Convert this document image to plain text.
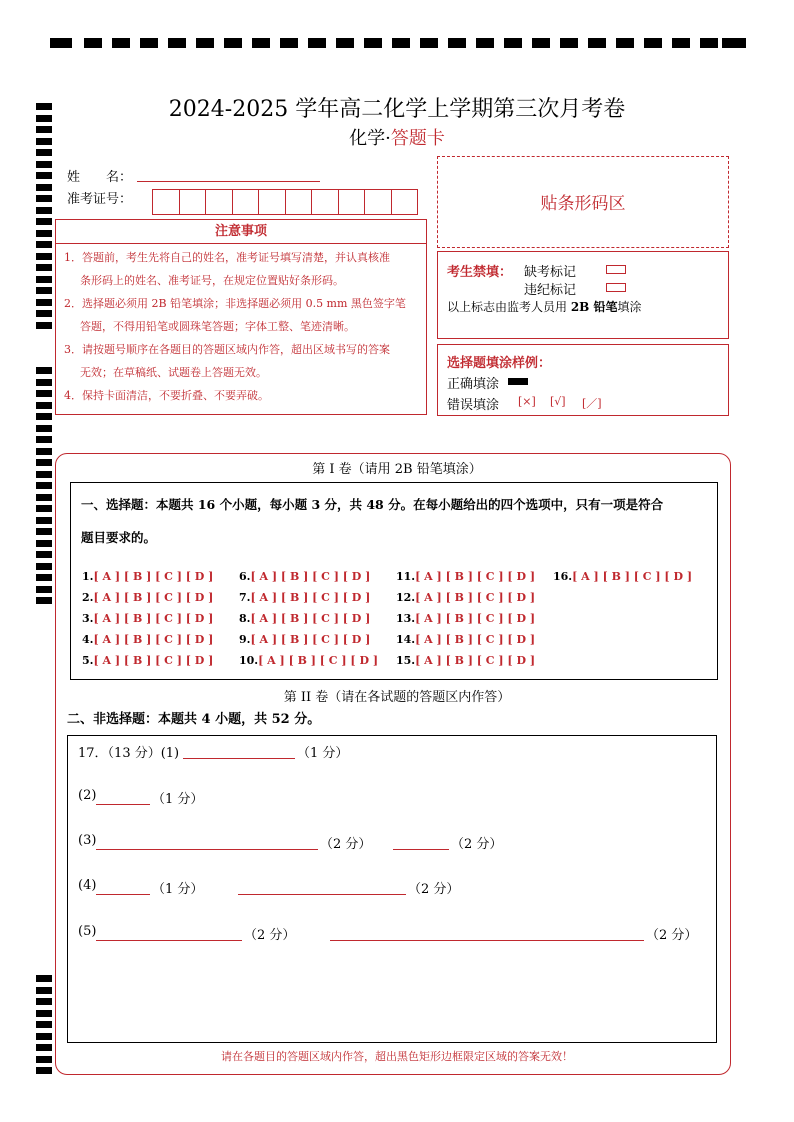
2024-2025 学年高二化学上学期第三次月考卷
化学·答题卡
姓　　名：
准考证号：	贴条形码区
注意事项

1．答题前，考生先将自己的姓名，准考证号填写清楚，并认真核准

条形码上的姓名、准考证号，在规定位置贴好条形码。

2．选择题必须用 2B 铅笔填涂；非选择题必须用 0.5 mm 黑色签字笔

答题，不得用铅笔或圆珠笔答题；字体工整、笔迹清晰。

3．请按题号顺序在各题目的答题区域内作答，超出区域书写的答案

无效；在草稿纸、试题卷上答题无效。

4．保持卡面清洁，不要折叠、不要弄破。

考生禁填： 缺考标记
违纪标记
以上标志由监考人员用 2B 铅笔填涂
选择题填涂样例：
正确填涂
错误填涂 [×] [√] [／]
第 I 卷（请用 2B 铅笔填涂）
一、选择题：本题共 16 个小题，每小题 3 分，共 48 分。在每小题给出的四个选项中，只有一项是符合
题目要求的。
1.[ A ] [ B ] [ C ] [ D ]
2.[ A ] [ B ] [ C ] [ D ]
3.[ A ] [ B ] [ C ] [ D ]
4.[ A ] [ B ] [ C ] [ D ]
5.[ A ] [ B ] [ C ] [ D ]
6.[ A ] [ B ] [ C ] [ D ]
7.[ A ] [ B ] [ C ] [ D ]
8.[ A ] [ B ] [ C ] [ D ]
9.[ A ] [ B ] [ C ] [ D ]
10.[ A ] [ B ] [ C ] [ D ]
11.[ A ] [ B ] [ C ] [ D ]
12.[ A ] [ B ] [ C ] [ D ]
13.[ A ] [ B ] [ C ] [ D ]
14.[ A ] [ B ] [ C ] [ D ]
15.[ A ] [ B ] [ C ] [ D ]
16.[ A ] [ B ] [ C ] [ D ]
第 II 卷（请在各试题的答题区内作答）
二、非选择题：本题共 4 小题，共 52 分。
17．（13 分）(1)	（1 分）
(2)	（1 分）
(3)	（2 分）	（2 分）
(4)	（1 分）	（2 分）
(5)	（2 分）	（2 分）
请在各题目的答题区域内作答，超出黑色矩形边框限定区域的答案无效！
